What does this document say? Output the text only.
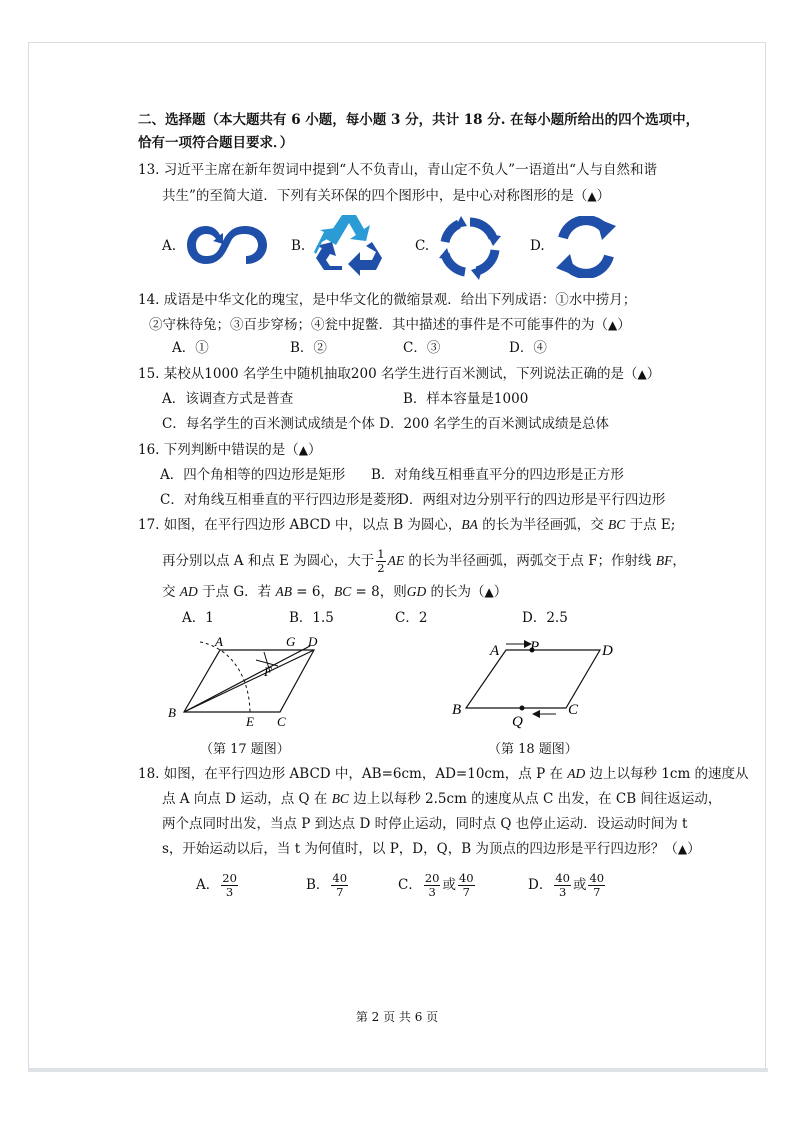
二、选择题（本大题共有 6 小题，每小题 3 分，共计 18 分. 在每小题所给出的四个选项中，
恰有一项符合题目要求．）
13. 习近平主席在新年贺词中提到“人不负青山，青山定不负人”一语道出“人与自然和谐
共生”的至简大道．下列有关环保的四个图形中，是中心对称图形的是（▲）
A.	B.	C.	D.
14. 成语是中华文化的瑰宝，是中华文化的微缩景观．给出下列成语：①水中捞月；
②守株待兔；③百步穿杨；④瓮中捉鳖．其中描述的事件是不可能事件的为（▲）
A．①	B．②	C．③	D．④
15. 某校从1000 名学生中随机抽取200 名学生进行百米测试，下列说法正确的是（▲）
A．该调查方式是普查	B．样本容量是1000
C．每名学生的百米测试成绩是个体 D．200 名学生的百米测试成绩是总体
16. 下列判断中错误的是（▲）
A．四个角相等的四边形是矩形 B．对角线互相垂直平分的四边形是正方形
C．对角线互相垂直的平行四边形是菱形
D．两组对边分别平行的四边形是平行四边形
17. 如图，在平行四边形 ABCD 中，以点 B 为圆心，BA 的长为半径画弧，交 BC 于点 E;
再分别以点 A 和点 E 为圆心，大于 $\frac{1}{2}$ AE 的长为半径画弧，两弧交于点 F；作射线 BF，
交 AD 于点 G．若 AB = 6，BC = 8，则GD 的长为（▲）
A．1	B．1.5	C．2	D．2.5
A	G D
F
B
E C
（第 17 题图）
A P	D
B
Q
C
（第 18 题图）
18. 如图，在平行四边形 ABCD 中，AB=6cm，AD=10cm，点 P 在 AD 边上以每秒 1cm 的速度从
点 A 向点 D 运动，点 Q 在 BC 边上以每秒 2.5cm 的速度从点 C 出发，在 CB 间往返运动，
两个点同时出发，当点 P 到达点 D 时停止运动，同时点 Q 也停止运动．设运动时间为 t
s，开始运动以后，当 t 为何值时，以 P，D，Q，B 为顶点的四边形是平行四边形？（▲）
A． $\frac{20}{3}$	B． $\frac{40}{7}$	C． $\frac{20}{3}$ 或 $\frac{40}{7}$	D． $\frac{40}{3}$ 或 $\frac{40}{7}$
第 2 页 共 6 页
